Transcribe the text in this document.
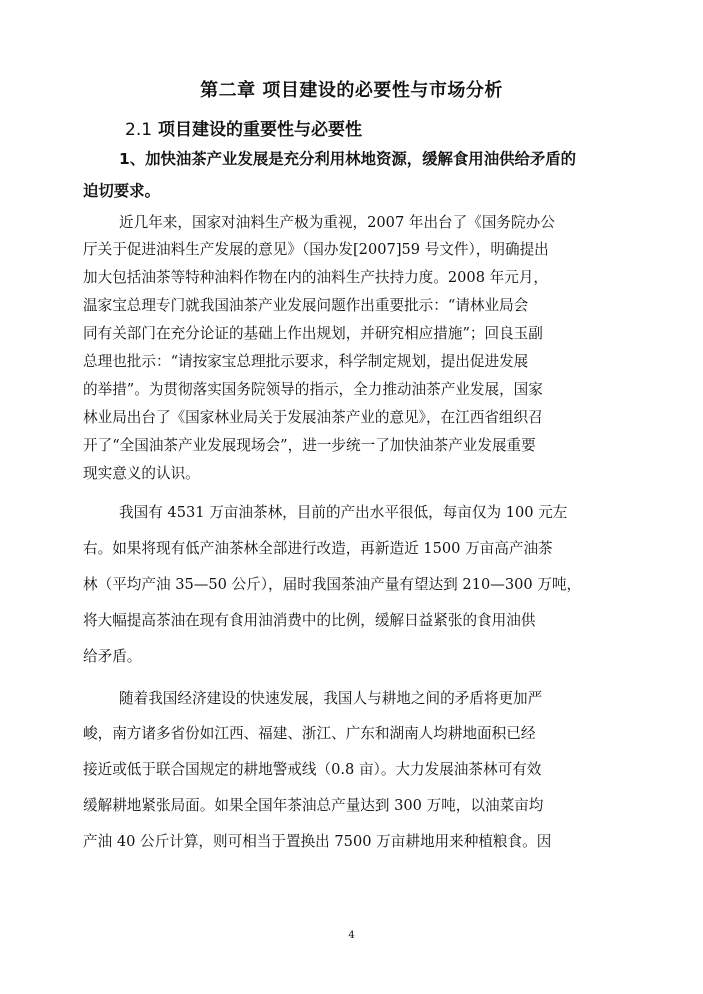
第二章 项目建设的必要性与市场分析
2.1 项目建设的重要性与必要性
1、加快油茶产业发展是充分利用林地资源，缓解食用油供给矛盾的
迫切要求。
近几年来，国家对油料生产极为重视，2007 年出台了《国务院办公
厅关于促进油料生产发展的意见》（国办发[2007]59 号文件），明确提出
加大包括油茶等特种油料作物在内的油料生产扶持力度。2008 年元月，
温家宝总理专门就我国油茶产业发展问题作出重要批示：“请林业局会
同有关部门在充分论证的基础上作出规划，并研究相应措施”；回良玉副
总理也批示：“请按家宝总理批示要求，科学制定规划，提出促进发展
的举措”。为贯彻落实国务院领导的指示，全力推动油茶产业发展，国家
林业局出台了《国家林业局关于发展油茶产业的意见》，在江西省组织召
开了“全国油茶产业发展现场会”，进一步统一了加快油茶产业发展重要
现实意义的认识。
我国有 4531 万亩油茶林，目前的产出水平很低，每亩仅为 100 元左
右。如果将现有低产油茶林全部进行改造，再新造近 1500 万亩高产油茶
林（平均产油 35—50 公斤），届时我国茶油产量有望达到 210—300 万吨，
将大幅提高茶油在现有食用油消费中的比例，缓解日益紧张的食用油供
给矛盾。
随着我国经济建设的快速发展，我国人与耕地之间的矛盾将更加严
峻，南方诸多省份如江西、福建、浙江、广东和湖南人均耕地面积已经
接近或低于联合国规定的耕地警戒线（0.8 亩）。大力发展油茶林可有效
缓解耕地紧张局面。如果全国年茶油总产量达到 300 万吨，以油菜亩均
产油 40 公斤计算，则可相当于置换出 7500 万亩耕地用来种植粮食。因
4
